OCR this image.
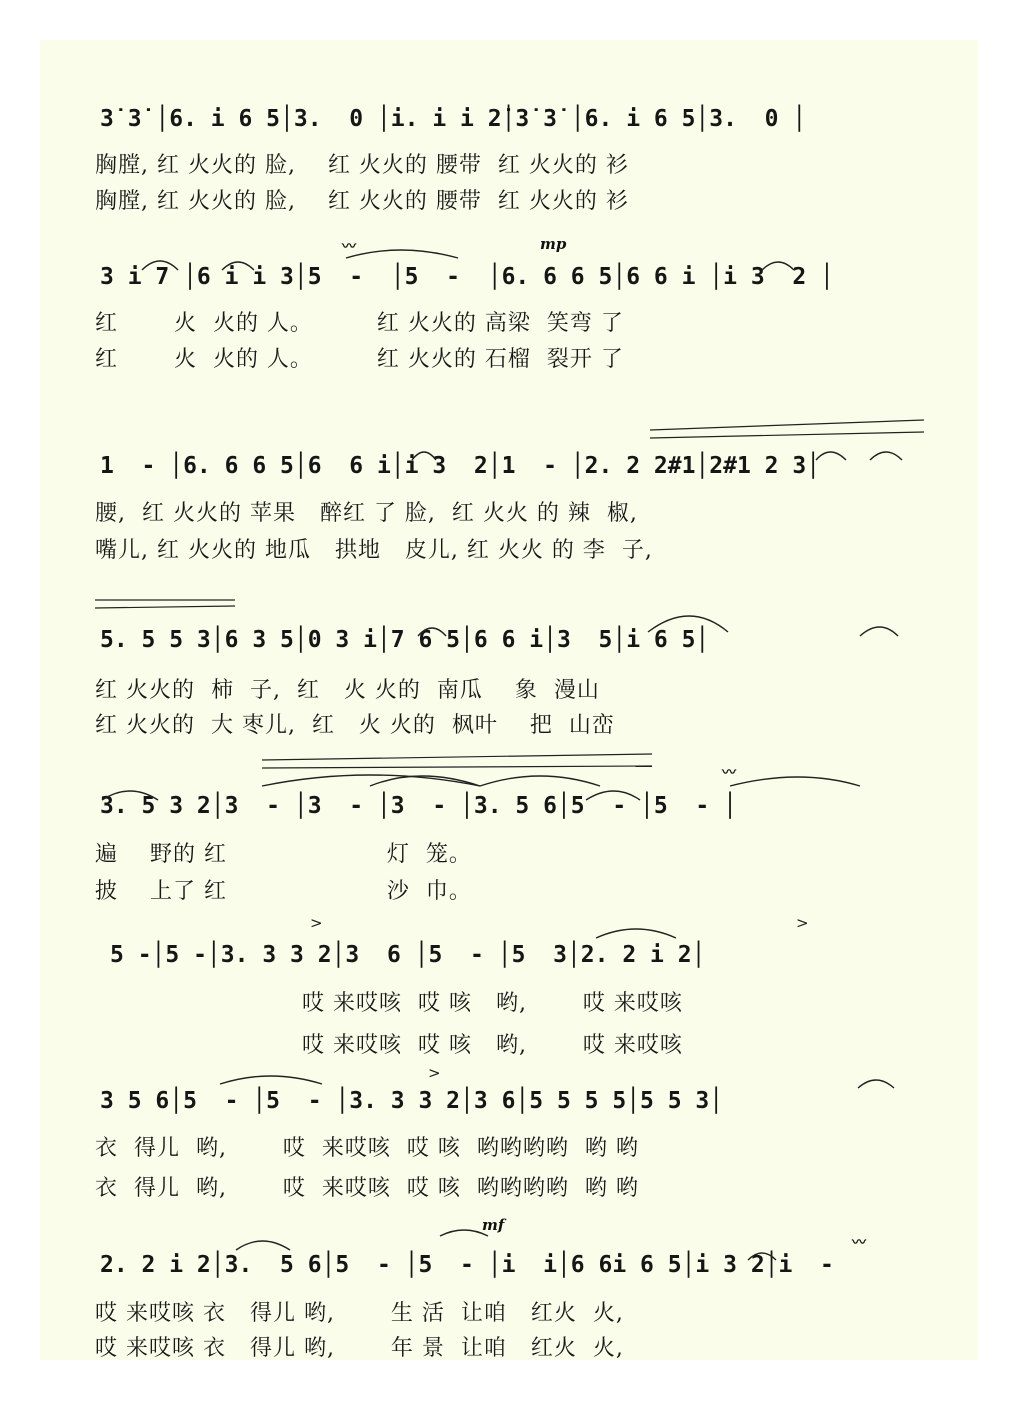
3̇ 3̇ │6. i 6 5│3.  0 │i. i i 2̇│3̇ 3̇ │6. i 6 5│3.  0 │
胸膛, 红 火火的 脸,    红 火火的 腰带  红 火火的 衫
胸膛, 红 火火的 脸,    红 火火的 腰带  红 火火的 衫
mp
〰
3 i 7 │6 i i 3│5  -  │5  -  │6. 6 6 5│6 6 i │i 3  2 │
红       火  火的 人。        红 火火的 高梁  笑弯 了
红       火  火的 人。        红 火火的 石榴  裂开 了
1  - │6. 6 6 5│6  6 i│i 3  2│1  - │2. 2 2#1│2#1 2 3│
腰,  红 火火的 苹果   醉红 了 脸,  红 火火 的 辣  椒,
嘴儿, 红 火火的 地瓜   拱地   皮儿, 红 火火 的 李  子,
5. 5 5 3│6 3 5│0 3 i│7 6 5│6 6 i│3  5│i 6 5│
红 火火的  柿  子,  红   火 火的  南瓜    象  漫山
红 火火的  大 枣儿,  红   火 火的  枫叶    把  山峦
〰
3. 5 3 2│3  - │3  - │3  - │3. 5 6│5  - │5  - │
遍    野的 红                    灯  笼。
披    上了 红                    沙  巾。
>	>
5 -│5 -│3. 3 3 2│3  6 │5  - │5  3│2. 2 i 2│
哎 来哎咳  哎 咳   哟,       哎 来哎咳
哎 来哎咳  哎 咳   哟,       哎 来哎咳
>
3 5 6│5  - │5  - │3. 3 3 2│3 6│5 5 5 5│5 5 3│
衣  得儿  哟,       哎  来哎咳  哎 咳  哟哟哟哟  哟 哟
衣  得儿  哟,       哎  来哎咳  哎 咳  哟哟哟哟  哟 哟
mf
〰
2. 2 i 2│3.  5 6│5  - │5  - │i  i│6 6i 6 5│i 3 2│i  -
哎 来哎咳 衣   得儿 哟,       生 活  让咱   红火  火,
哎 来哎咳 衣   得儿 哟,       年 景  让咱   红火  火,
